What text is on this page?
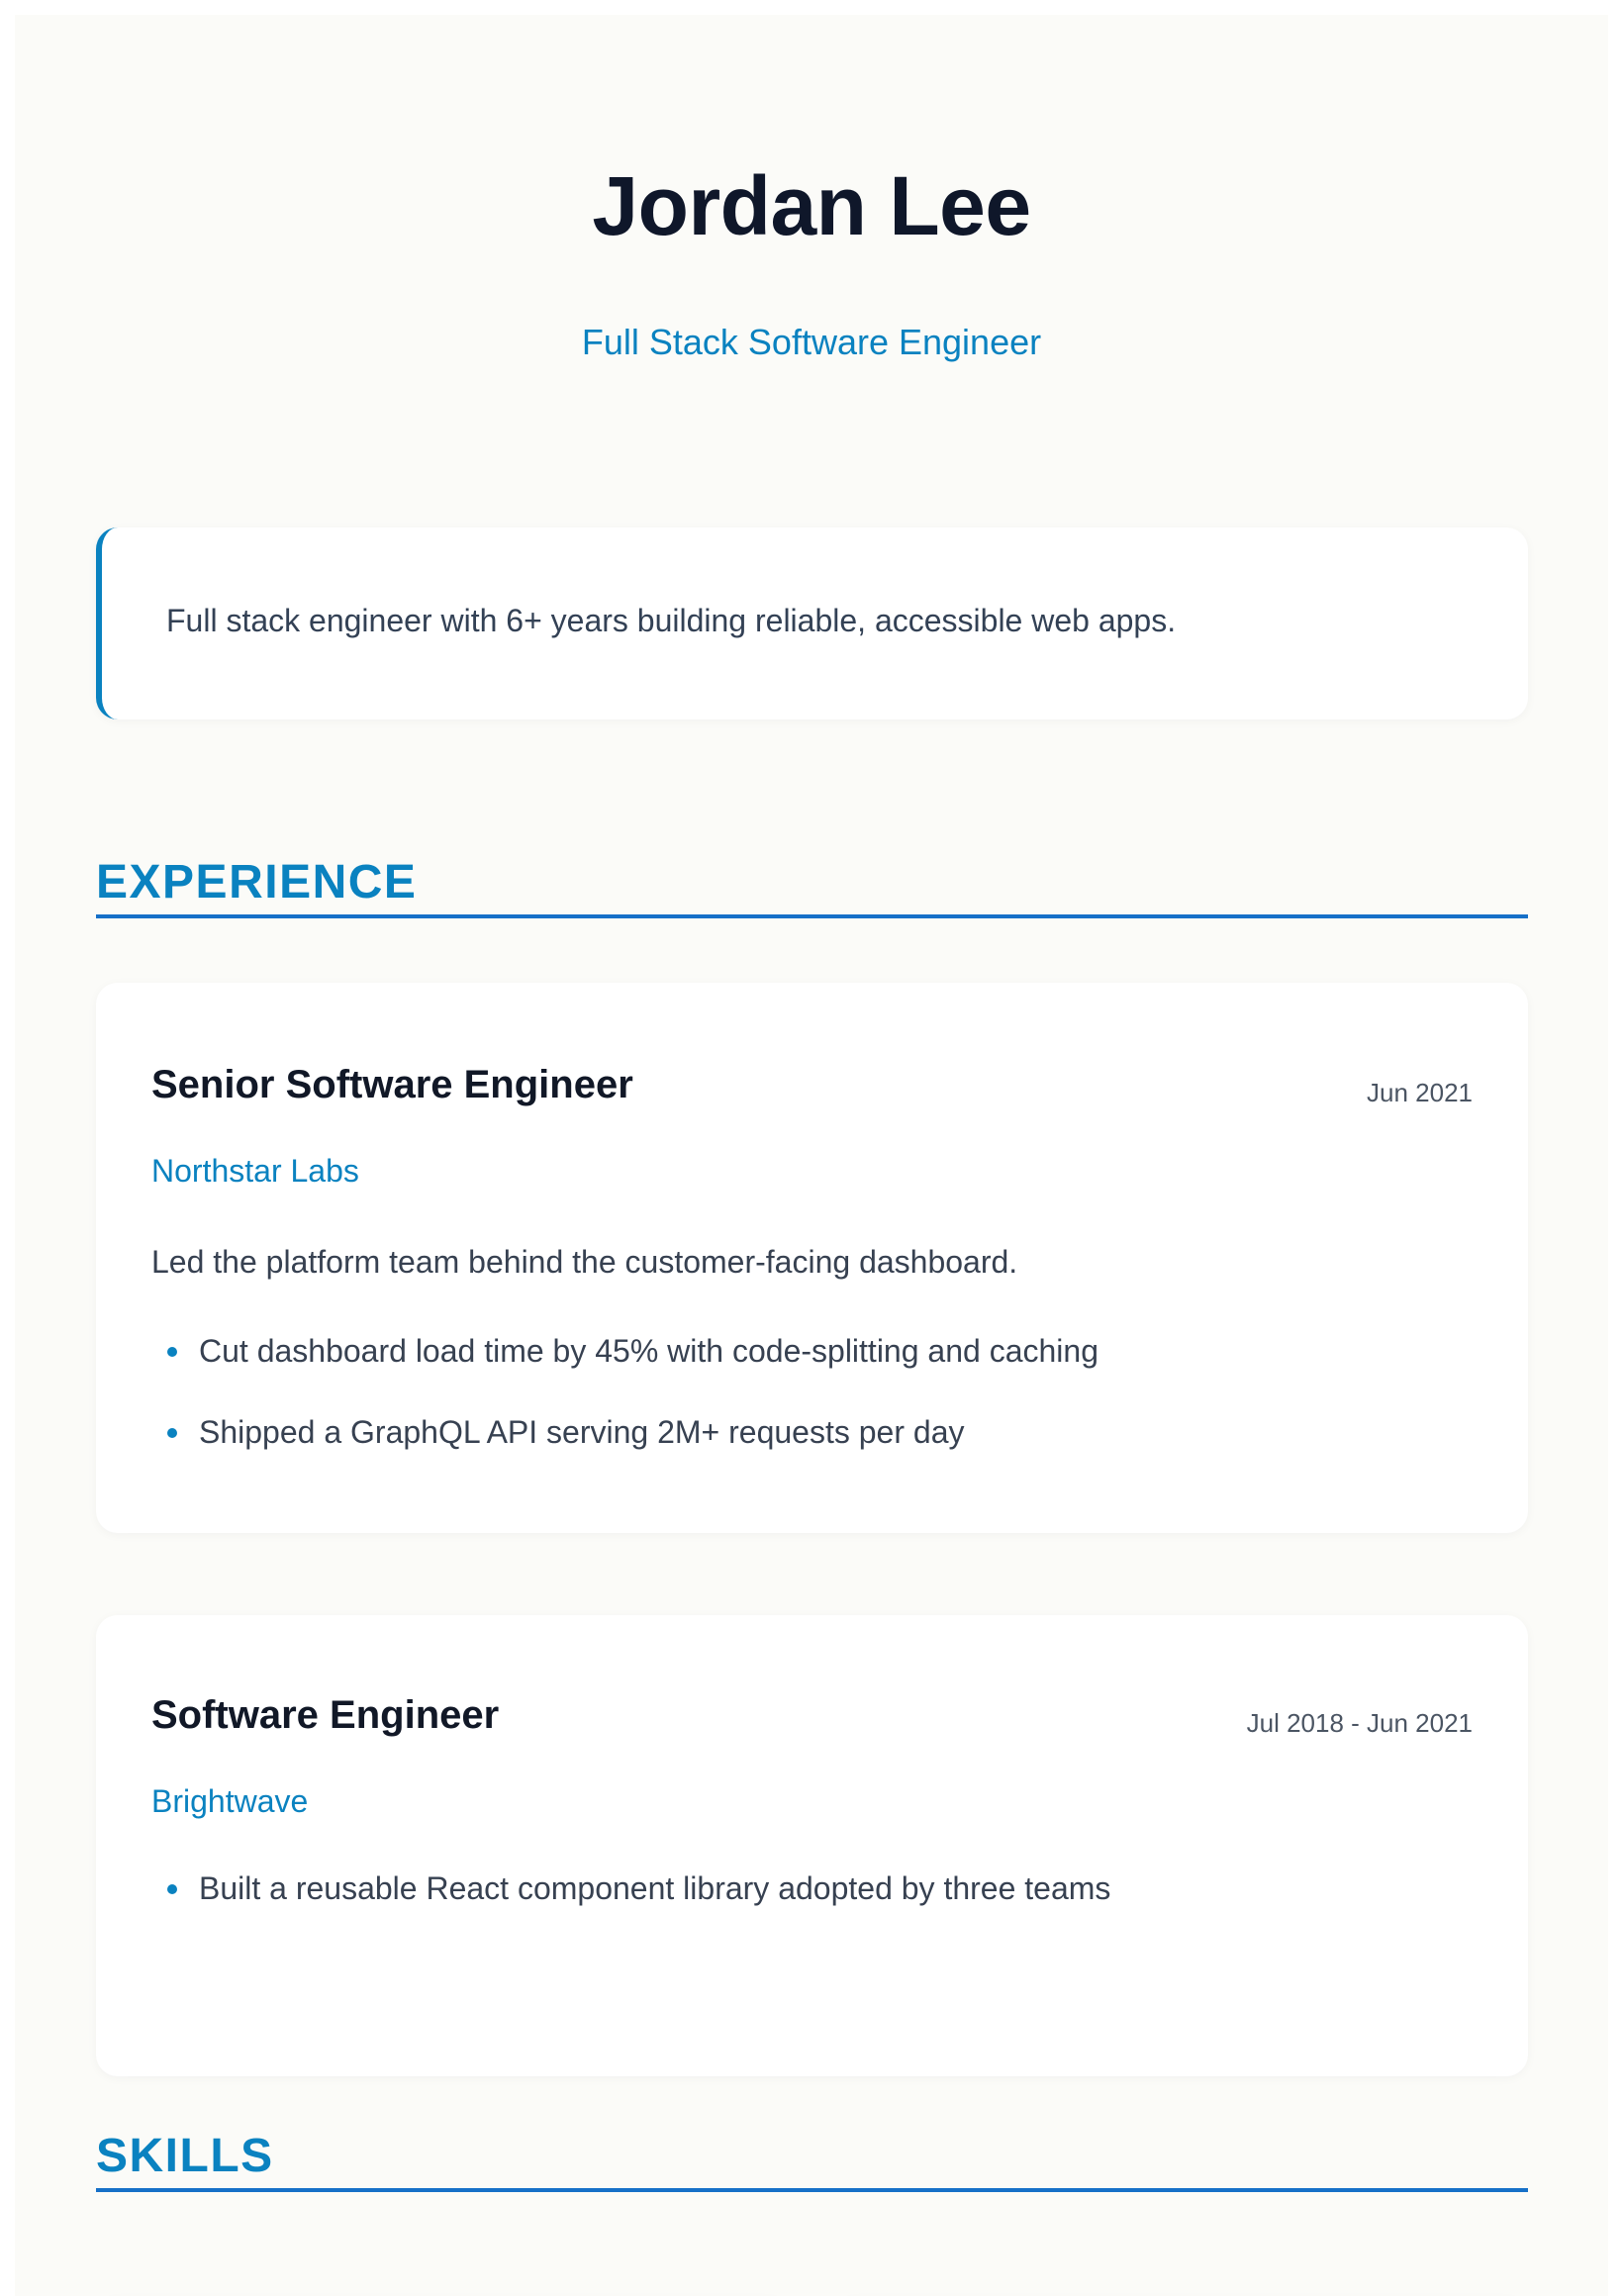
Jordan Lee
Full Stack Software Engineer
Full stack engineer with 6+ years building reliable, accessible web apps.
EXPERIENCE
Senior Software Engineer	Jun 2021
Northstar Labs
Led the platform team behind the customer-facing dashboard.
Cut dashboard load time by 45% with code-splitting and caching
Shipped a GraphQL API serving 2M+ requests per day
Software Engineer	Jul 2018 - Jun 2021
Brightwave
Built a reusable React component library adopted by three teams
SKILLS
